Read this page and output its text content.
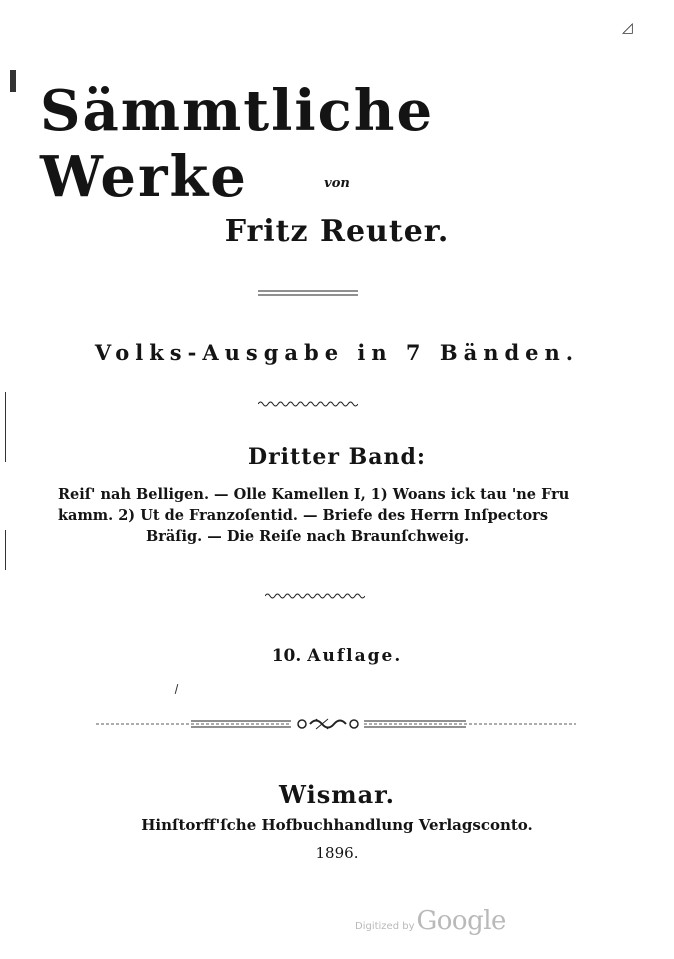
◿
Sämmtliche Werke	von
Fritz Reuter.
Volks-Ausgabe in 7 Bänden.
Dritter Band:
Reiſ' nah Belligen. — Olle Kamellen I, 1) Woans ick tau 'ne Fru
kamm. 2) Ut de Franzoſentid. — Briefe des Herrn Inſpectors
Bräſig. — Die Reiſe nach Braunſchweig.
10. Auflage.
Wismar.
Hinſtorff'ſche Hofbuchhandlung Verlagsconto.
1896.
Digitized byGoogle
